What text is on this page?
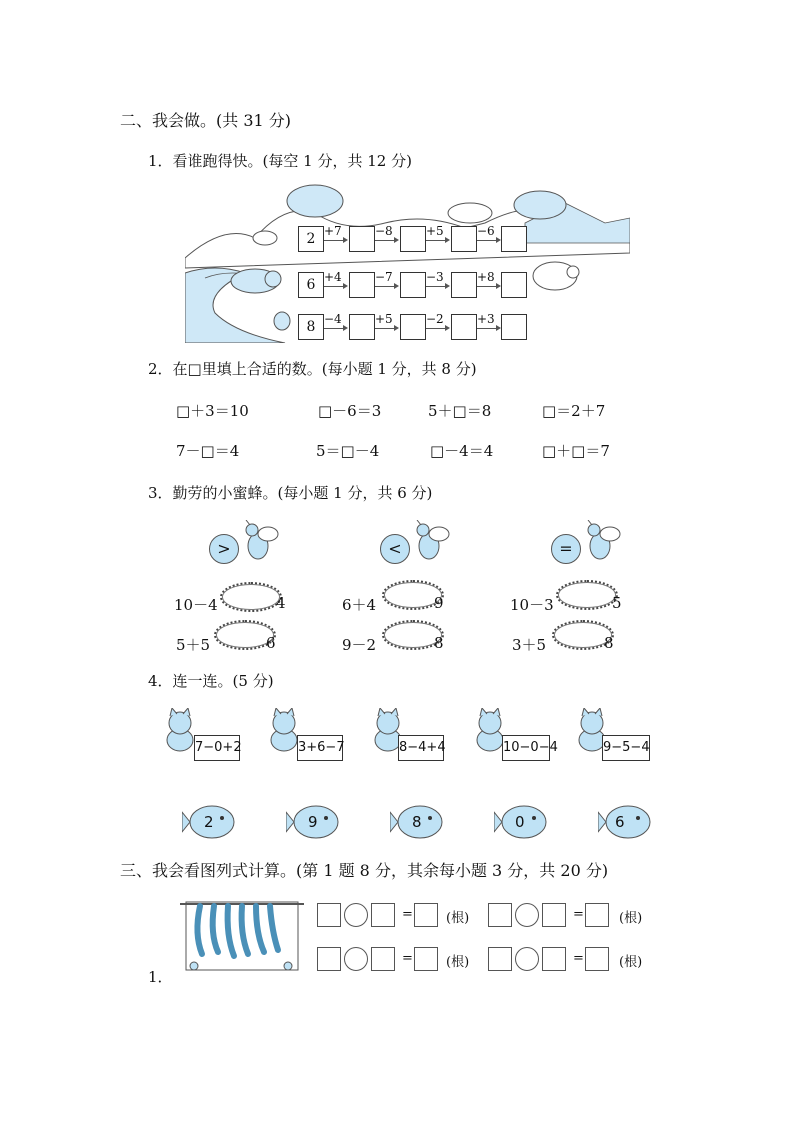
二、我会做。(共 31 分)
1．看谁跑得快。(每空 1 分，共 12 分)
2 +7	−8	+5	−6
6 +4	−7	−3	+8
8 −4	+5	−2	+3
2．在□里填上合适的数。(每小题 1 分，共 8 分)
□＋3＝10	□－6＝3	5＋□＝8	□＝2＋7
7－□＝4	5＝□－4	□－4＝4	□＋□＝7
3．勤劳的小蜜蜂。(每小题 1 分，共 6 分)
>	<	=
10－4	4
5＋5	6
6＋4	9
9－2	8
10－3	5
3＋5	8
4．连一连。(5 分)
7−0+2	3+6−7	8−4+4	10−0−4	9−5−4
2	9	8	0	6
三、我会看图列式计算。(第 1 题 8 分，其余每小题 3 分，共 20 分)
1．
=	(根)	=	(根)
=	(根)	=	(根)
